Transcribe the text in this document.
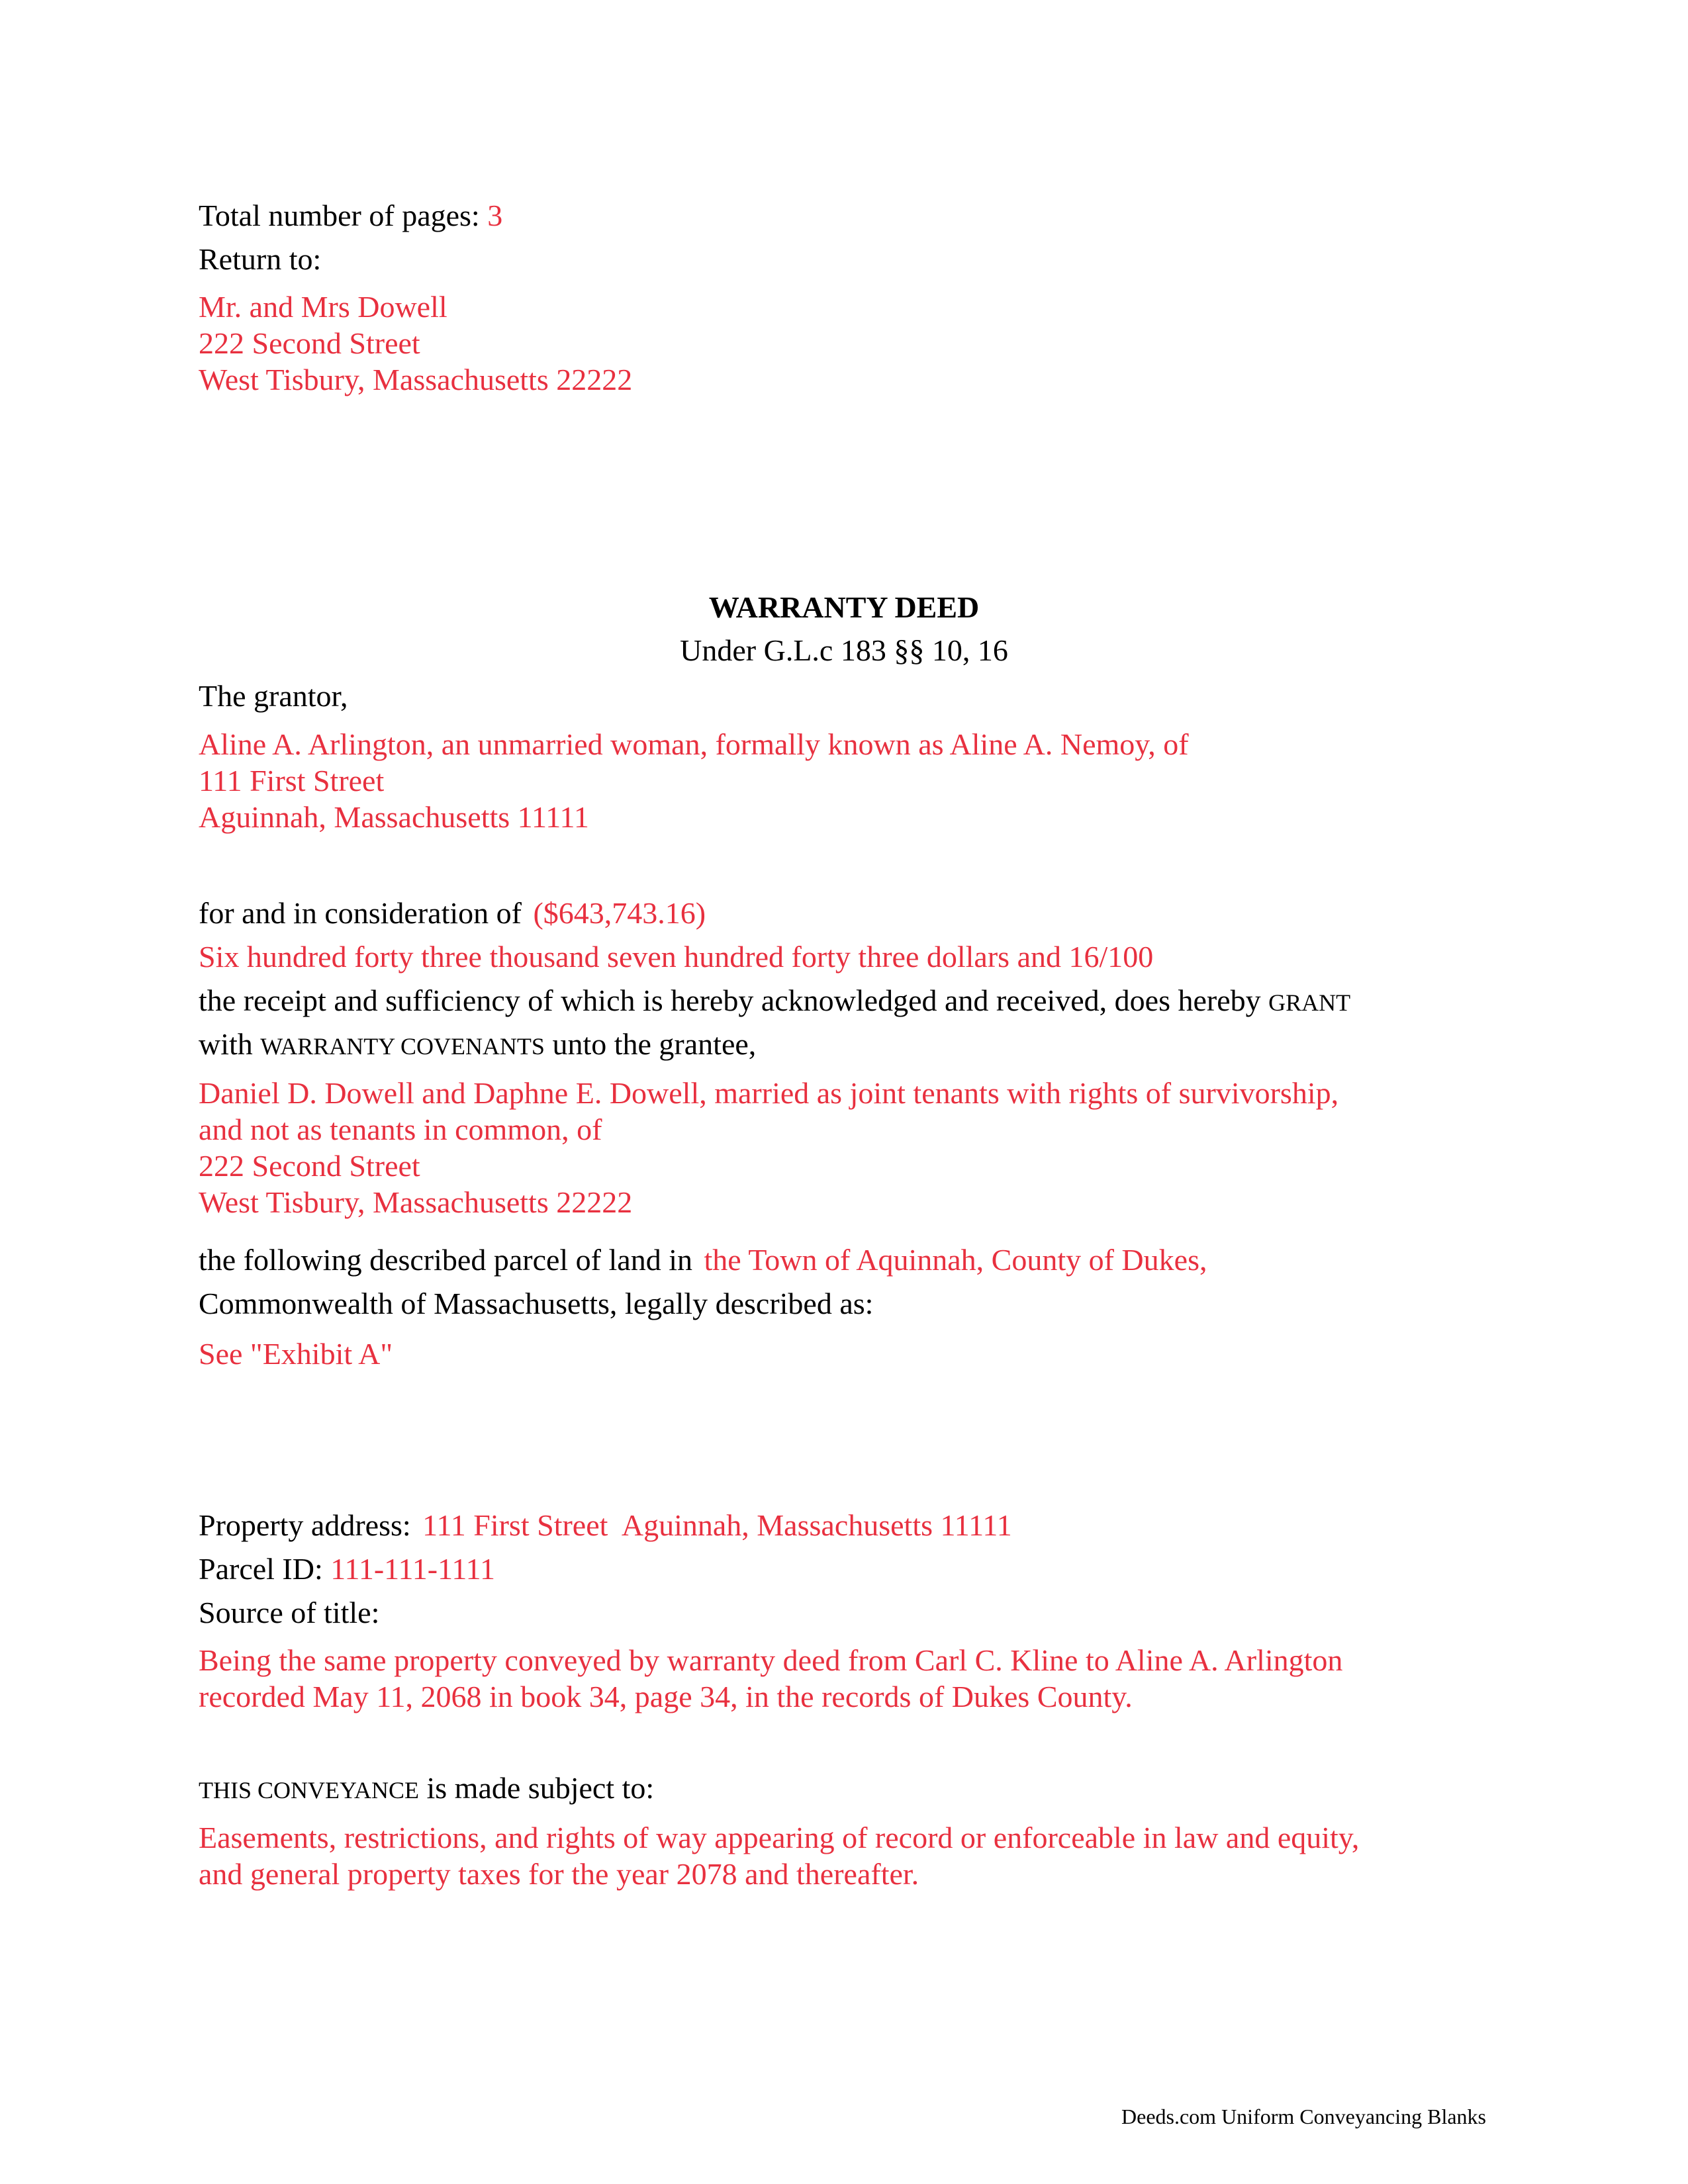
Total number of pages: 3
Return to:
Mr. and Mrs Dowell
222 Second Street
West Tisbury, Massachusetts 22222
WARRANTY DEED
Under G.L.c 183 §§ 10, 16
The grantor,
Aline A. Arlington, an unmarried woman, formally known as Aline A. Nemoy, of
111 First Street
Aguinnah, Massachusetts 11111
for and in consideration of ($643,743.16)
Six hundred forty three thousand seven hundred forty three dollars and 16/100
the receipt and sufficiency of which is hereby acknowledged and received, does hereby GRANT
with WARRANTY COVENANTS unto the grantee,
Daniel D. Dowell and Daphne E. Dowell, married as joint tenants with rights of survivorship,
and not as tenants in common, of
222 Second Street
West Tisbury, Massachusetts 22222
the following described parcel of land in the Town of Aquinnah, County of Dukes,
Commonwealth of Massachusetts, legally described as:
See "Exhibit A"
Property address: 111 First Street  Aguinnah, Massachusetts 11111
Parcel ID: 111-111-1111
Source of title:
Being the same property conveyed by warranty deed from Carl C. Kline to Aline A. Arlington
recorded May 11, 2068 in book 34, page 34, in the records of Dukes County.
THIS CONVEYANCE is made subject to:
Easements, restrictions, and rights of way appearing of record or enforceable in law and equity,
and general property taxes for the year 2078 and thereafter.
Deeds.com Uniform Conveyancing Blanks
